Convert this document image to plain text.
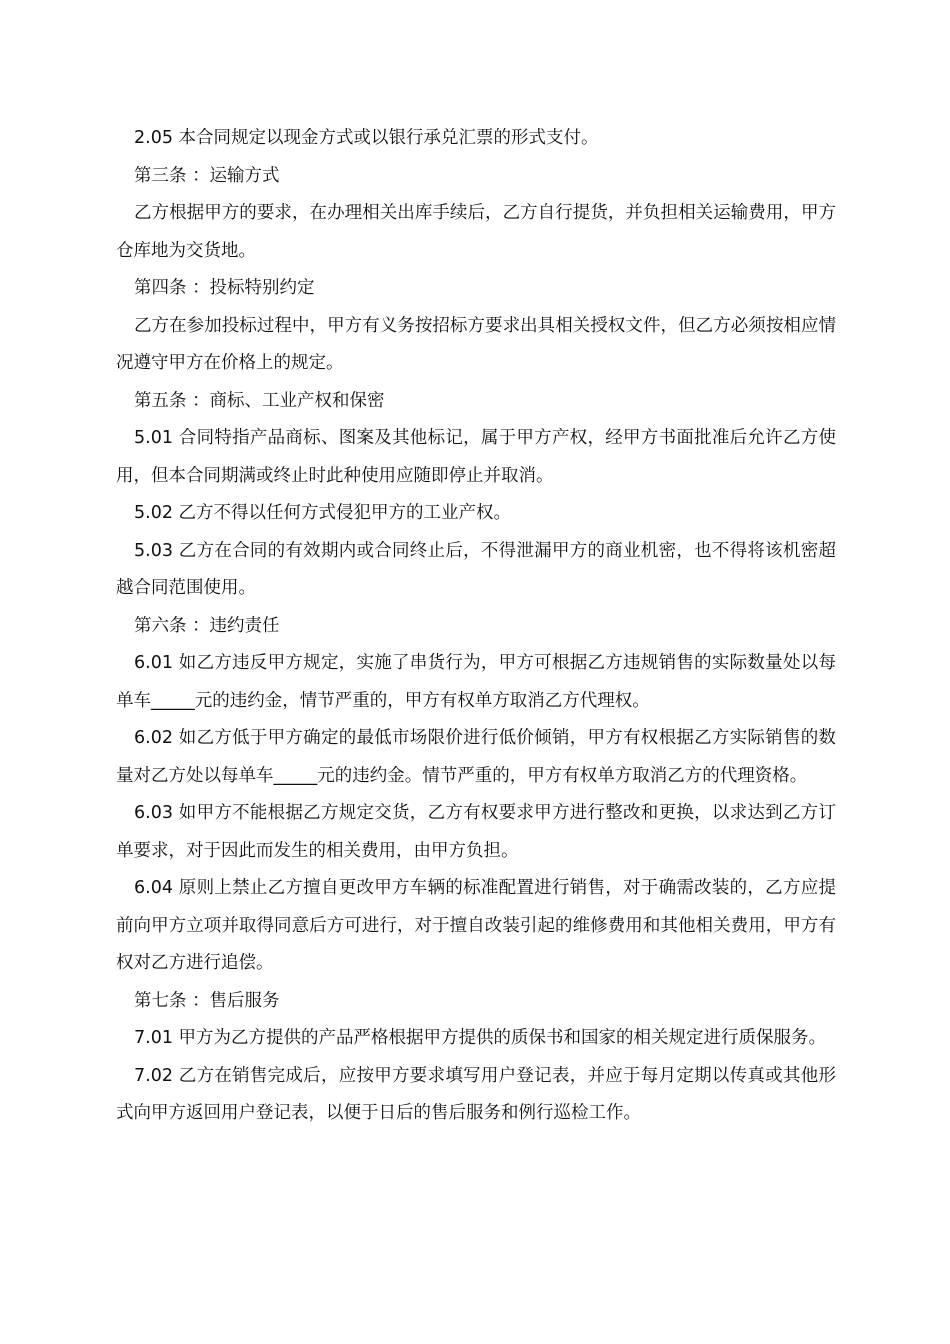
2.05 本合同规定以现金方式或以银行承兑汇票的形式支付。

第三条 ：运输方式

乙方根据甲方的要求，在办理相关出库手续后，乙方自行提货，并负担相关运输费用，甲方仓库地为交货地。

第四条 ：投标特别约定

乙方在参加投标过程中，甲方有义务按招标方要求出具相关授权文件，但乙方必须按相应情况遵守甲方在价格上的规定。

第五条 ：商标、工业产权和保密

5.01 合同特指产品商标、图案及其他标记，属于甲方产权，经甲方书面批准后允许乙方使用，但本合同期满或终止时此种使用应随即停止并取消。

5.02 乙方不得以任何方式侵犯甲方的工业产权。

5.03 乙方在合同的有效期内或合同终止后，不得泄漏甲方的商业机密，也不得将该机密超越合同范围使用。

第六条 ：违约责任

6.01 如乙方违反甲方规定，实施了串货行为，甲方可根据乙方违规销售的实际数量处以每单车_____元的违约金，情节严重的，甲方有权单方取消乙方代理权。

6.02 如乙方低于甲方确定的最低市场限价进行低价倾销，甲方有权根据乙方实际销售的数量对乙方处以每单车_____元的违约金。情节严重的，甲方有权单方取消乙方的代理资格。

6.03 如甲方不能根据乙方规定交货，乙方有权要求甲方进行整改和更换，以求达到乙方订单要求，对于因此而发生的相关费用，由甲方负担。

6.04 原则上禁止乙方擅自更改甲方车辆的标准配置进行销售，对于确需改装的，乙方应提前向甲方立项并取得同意后方可进行，对于擅自改装引起的维修费用和其他相关费用，甲方有权对乙方进行追偿。

第七条 ：售后服务

7.01 甲方为乙方提供的产品严格根据甲方提供的质保书和国家的相关规定进行质保服务。

7.02 乙方在销售完成后，应按甲方要求填写用户登记表，并应于每月定期以传真或其他形式向甲方返回用户登记表，以便于日后的售后服务和例行巡检工作。
